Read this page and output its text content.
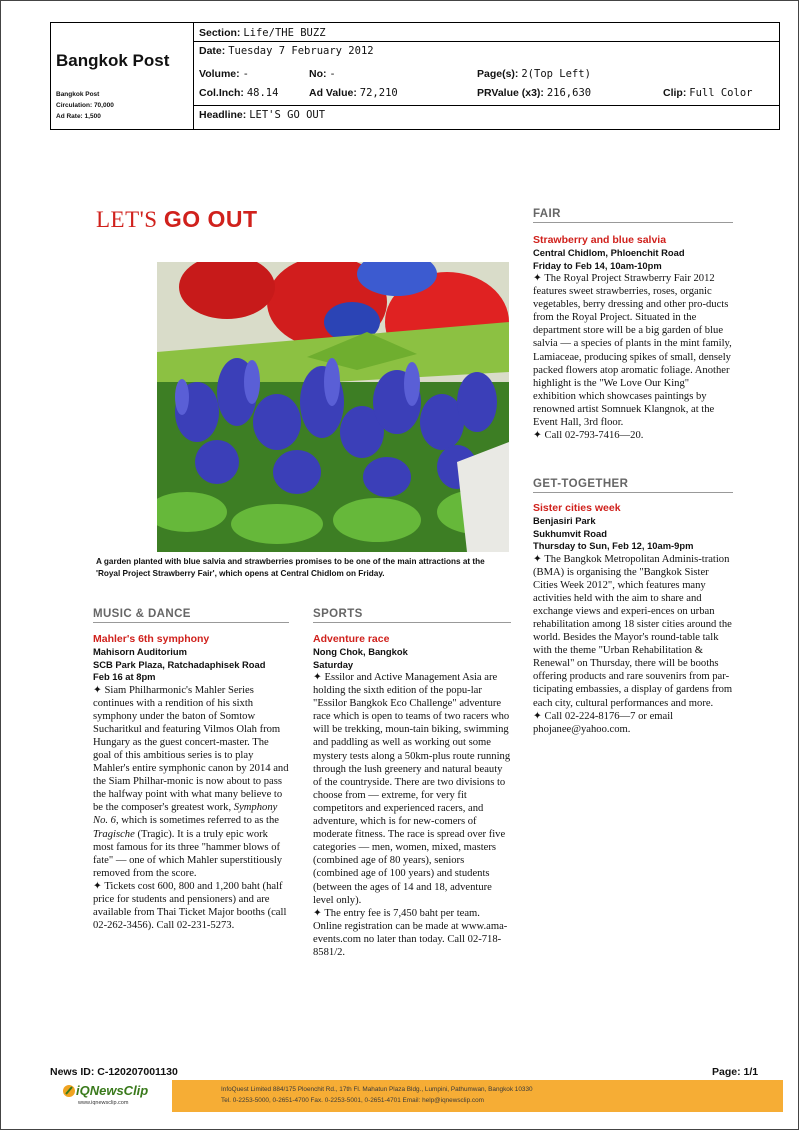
Bangkok Post
Bangkok Post
Circulation: 70,000
Ad Rate: 1,500
Section: Life/THE BUZZ
Date: Tuesday 7 February 2012
Volume: -	No: -	Page(s): 2(Top Left)
Col.Inch: 48.14	Ad Value: 72,210	PRValue (x3): 216,630	Clip: Full Color
Headline: LET'S GO OUT
LET'S GO OUT
A garden planted with blue salvia and strawberries promises to be one of the main attractions at the 'Royal Project Strawberry Fair', which opens at Central Chidlom on Friday.
MUSIC & DANCE

Mahler's 6th symphony

Mahisorn Auditorium

SCB Park Plaza, Ratchadaphisek Road

Feb 16 at 8pm

✦ Siam Philharmonic's Mahler Series continues with a rendition of his sixth symphony under the baton of Somtow Sucharitkul and featuring Vilmos Olah from Hungary as the guest concert-master. The goal of this ambitious series is to play Mahler's entire symphonic canon by 2014 and the Siam Philhar-monic is now about to pass the halfway point with what many believe to be the composer's greatest work, Symphony No. 6, which is sometimes referred to as the Tragische (Tragic). It is a truly epic work most famous for its three "hammer blows of fate" — one of which Mahler superstitiously removed from the score.

✦ Tickets cost 600, 800 and 1,200 baht (half price for students and pensioners) and are available from Thai Ticket Major booths (call 02-262-3456). Call 02-231-5273.

SPORTS

Adventure race

Nong Chok, Bangkok

Saturday

✦ Essilor and Active Management Asia are holding the sixth edition of the popu-lar "Essilor Bangkok Eco Challenge" adventure race which is open to teams of two racers who will be trekking, moun-tain biking, swimming and paddling as well as working out some mystery tests along a 50km-plus route running through the lush greenery and natural beauty of the countryside. There are two divisions to choose from — extreme, for very fit competitors and experienced racers, and adventure, which is for new-comers of moderate fitness. The race is spread over five categories — men, women, mixed, masters (combined age of 80 years), seniors (combined age of 100 years) and students (between the ages of 14 and 18, adventure level only).

✦ The entry fee is 7,450 baht per team. Online registration can be made at www.ama-events.com no later than today. Call 02-718-8581/2.

FAIR

Strawberry and blue salvia

Central Chidlom, Phloenchit Road

Friday to Feb 14, 10am-10pm

✦ The Royal Project Strawberry Fair 2012 features sweet strawberries, roses, organic vegetables, berry dressing and other pro-ducts from the Royal Project. Situated in the department store will be a big garden of blue salvia — a species of plants in the mint family, Lamiaceae, producing spikes of small, densely packed flowers atop aromatic foliage. Another highlight is the "We Love Our King" exhibition which showcases paintings by renowned artist Somnuek Klangnok, at the Event Hall, 3rd floor.

✦ Call 02-793-7416—20.

GET-TOGETHER

Sister cities week

Benjasiri Park

Sukhumvit Road

Thursday to Sun, Feb 12, 10am-9pm

✦ The Bangkok Metropolitan Adminis-tration (BMA) is organising the "Bangkok Sister Cities Week 2012", which features many activities held with the aim to share and exchange views and experi-ences on urban rehabilitation among 18 sister cities around the world. Besides the Mayor's round-table talk with the theme "Urban Rehabilitation & Renewal" on Thursday, there will be booths offering products and rare souvenirs from par-ticipating embassies, a display of gardens from each city, cultural performances and more.

✦ Call 02-224-8176—7 or email phojanee@yahoo.com.

News ID: C-120207001130	Page: 1/1
iQNewsClip
www.iqnewsclip.com
InfoQuest Limited 884/175 Ploenchit Rd., 17th Fl. Mahatun Plaza Bldg., Lumpini, Pathumwan, Bangkok 10330
Tel. 0-2253-5000, 0-2651-4700 Fax. 0-2253-5001, 0-2651-4701 Email: help@iqnewsclip.com
